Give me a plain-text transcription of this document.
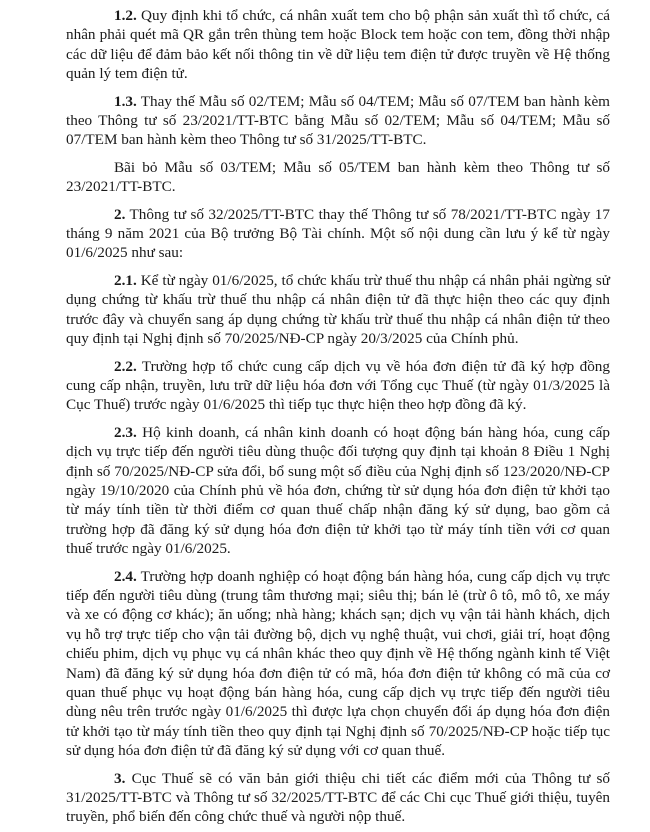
1.2. Quy định khi tổ chức, cá nhân xuất tem cho bộ phận sản xuất thì tổ chức, cá nhân phải quét mã QR gắn trên thùng tem hoặc Block tem hoặc con tem, đồng thời nhập các dữ liệu để đảm bảo kết nối thông tin về dữ liệu tem điện tử được truyền về Hệ thống quản lý tem điện tử.

1.3. Thay thế Mẫu số 02/TEM; Mẫu số 04/TEM; Mẫu số 07/TEM ban hành kèm theo Thông tư số 23/2021/TT-BTC bằng Mẫu số 02/TEM; Mẫu số 04/TEM; Mẫu số 07/TEM ban hành kèm theo Thông tư số 31/2025/TT-BTC.

Bãi bỏ Mẫu số 03/TEM; Mẫu số 05/TEM ban hành kèm theo Thông tư số 23/2021/TT-BTC.

2. Thông tư số 32/2025/TT-BTC thay thế Thông tư số 78/2021/TT-BTC ngày 17 tháng 9 năm 2021 của Bộ trưởng Bộ Tài chính. Một số nội dung cần lưu ý kể từ ngày 01/6/2025 như sau:

2.1. Kể từ ngày 01/6/2025, tổ chức khấu trừ thuế thu nhập cá nhân phải ngừng sử dụng chứng từ khấu trừ thuế thu nhập cá nhân điện tử đã thực hiện theo các quy định trước đây và chuyển sang áp dụng chứng từ khấu trừ thuế thu nhập cá nhân điện tử theo quy định tại Nghị định số 70/2025/NĐ-CP ngày 20/3/2025 của Chính phủ.

2.2. Trường hợp tổ chức cung cấp dịch vụ về hóa đơn điện tử đã ký hợp đồng cung cấp nhận, truyền, lưu trữ dữ liệu hóa đơn với Tổng cục Thuế (từ ngày 01/3/2025 là Cục Thuế) trước ngày 01/6/2025 thì tiếp tục thực hiện theo hợp đồng đã ký.

2.3. Hộ kinh doanh, cá nhân kinh doanh có hoạt động bán hàng hóa, cung cấp dịch vụ trực tiếp đến người tiêu dùng thuộc đối tượng quy định tại khoản 8 Điều 1 Nghị định số 70/2025/NĐ-CP sửa đổi, bổ sung một số điều của Nghị định số 123/2020/NĐ-CP ngày 19/10/2020 của Chính phủ về hóa đơn, chứng từ sử dụng hóa đơn điện tử khởi tạo từ máy tính tiền từ thời điểm cơ quan thuế chấp nhận đăng ký sử dụng, bao gồm cả trường hợp đã đăng ký sử dụng hóa đơn điện tử khởi tạo từ máy tính tiền với cơ quan thuế trước ngày 01/6/2025.

2.4. Trường hợp doanh nghiệp có hoạt động bán hàng hóa, cung cấp dịch vụ trực tiếp đến người tiêu dùng (trung tâm thương mại; siêu thị; bán lẻ (trừ ô tô, mô tô, xe máy và xe có động cơ khác); ăn uống; nhà hàng; khách sạn; dịch vụ vận tải hành khách, dịch vụ hỗ trợ trực tiếp cho vận tải đường bộ, dịch vụ nghệ thuật, vui chơi, giải trí, hoạt động chiếu phim, dịch vụ phục vụ cá nhân khác theo quy định về Hệ thống ngành kinh tế Việt Nam) đã đăng ký sử dụng hóa đơn điện tử có mã, hóa đơn điện tử không có mã của cơ quan thuế phục vụ hoạt động bán hàng hóa, cung cấp dịch vụ trực tiếp đến người tiêu dùng nêu trên trước ngày 01/6/2025 thì được lựa chọn chuyển đổi áp dụng hóa đơn điện tử khởi tạo từ máy tính tiền theo quy định tại Nghị định số 70/2025/NĐ-CP hoặc tiếp tục sử dụng hóa đơn điện tử đã đăng ký sử dụng với cơ quan thuế.

3. Cục Thuế sẽ có văn bản giới thiệu chi tiết các điểm mới của Thông tư số 31/2025/TT-BTC và Thông tư số 32/2025/TT-BTC để các Chi cục Thuế giới thiệu, tuyên truyền, phổ biến đến công chức thuế và người nộp thuế.
